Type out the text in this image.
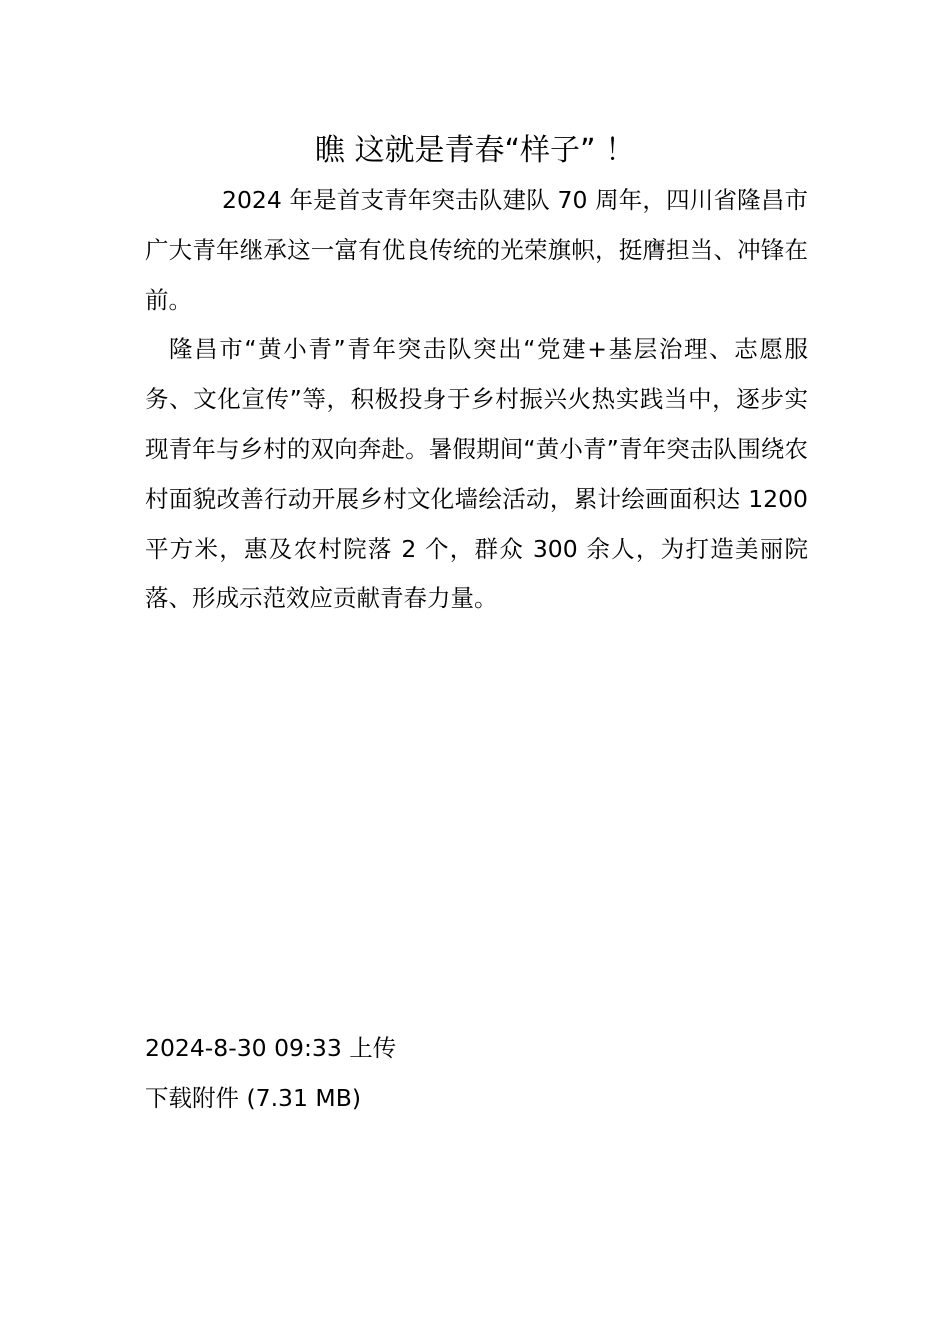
瞧 这就是青春“样子” ！

2024 年是首支青年突击队建队 70 周年，四川省隆昌市广大青年继承这一富有优良传统的光荣旗帜，挺膺担当、冲锋在前。

隆昌市“黄小青”青年突击队突出“党建+基层治理、志愿服务、文化宣传”等，积极投身于乡村振兴火热实践当中，逐步实现青年与乡村的双向奔赴。暑假期间“黄小青”青年突击队围绕农村面貌改善行动开展乡村文化墙绘活动，累计绘画面积达 1200 平方米，惠及农村院落 2 个，群众 300 余人，为打造美丽院落、形成示范效应贡献青春力量。

2024-8-30 09:33 上传

下载附件 (7.31 MB)
